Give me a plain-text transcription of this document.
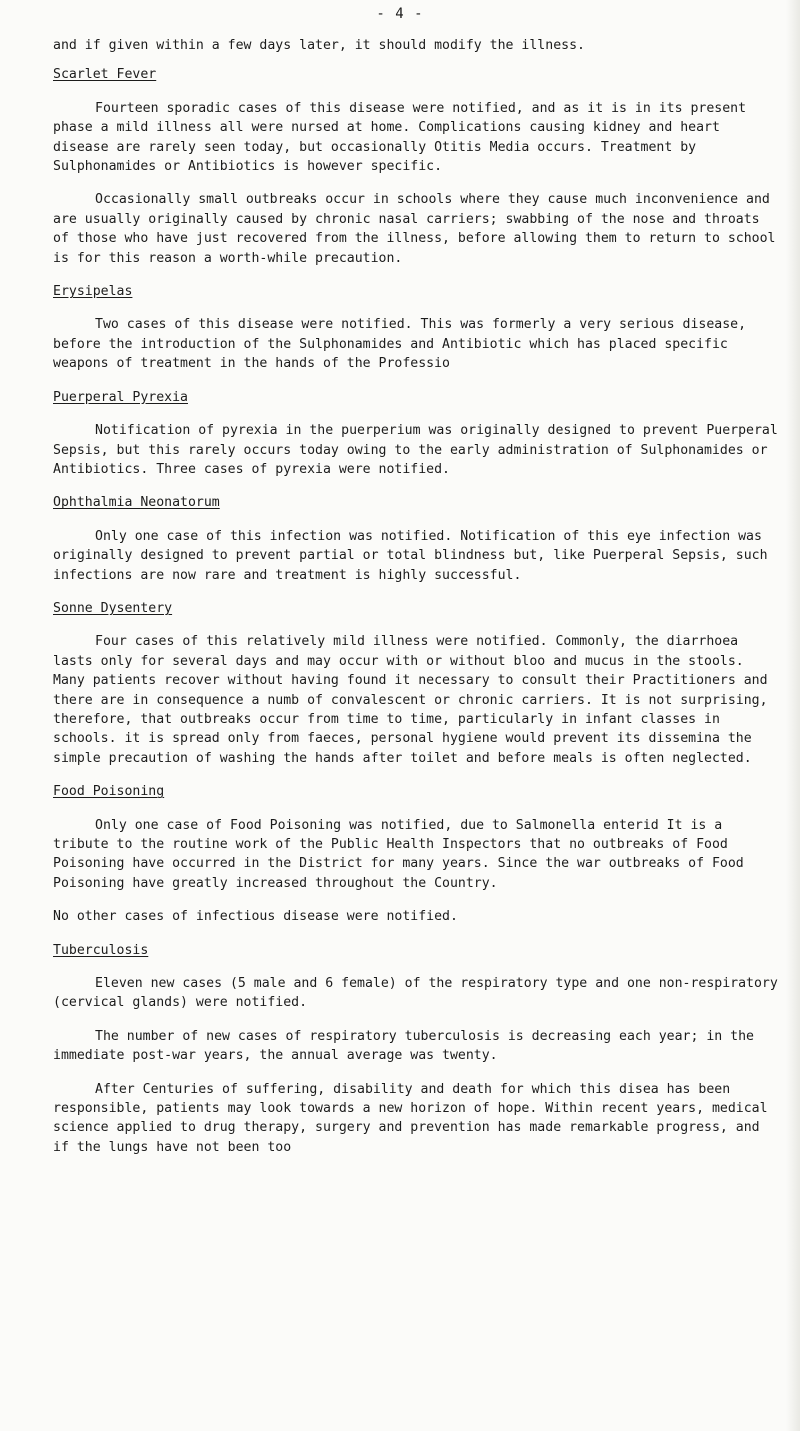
- 4 -

and if given within a few days later, it should modify the illness.

Scarlet Fever

Fourteen sporadic cases of this disease were notified, and as it is in its present phase a mild illness all were nursed at home. Complications causing kidney and heart disease are rarely seen today, but occasionally Otitis Media occurs. Treatment by Sulphonamides or Antibiotics is however specific.

Occasionally small outbreaks occur in schools where they cause much inconvenience and are usually originally caused by chronic nasal carriers; swabbing of the nose and throats of those who have just recovered from the illness, before allowing them to return to school is for this reason a worth-while precaution.

Erysipelas

Two cases of this disease were notified. This was formerly a very serious disease, before the introduction of the Sulphonamides and Antibiotic which has placed specific weapons of treatment in the hands of the Professio

Puerperal Pyrexia

Notification of pyrexia in the puerperium was originally designed to prevent Puerperal Sepsis, but this rarely occurs today owing to the early administration of Sulphonamides or Antibiotics. Three cases of pyrexia were notified.

Ophthalmia Neonatorum

Only one case of this infection was notified. Notification of this eye infection was originally designed to prevent partial or total blindness but, like Puerperal Sepsis, such infections are now rare and treatment is highly successful.

Sonne Dysentery

Four cases of this relatively mild illness were notified. Commonly, the diarrhoea lasts only for several days and may occur with or without bloo and mucus in the stools. Many patients recover without having found it necessary to consult their Practitioners and there are in consequence a numb of convalescent or chronic carriers. It is not surprising, therefore, that outbreaks occur from time to time, particularly in infant classes in schools. it is spread only from faeces, personal hygiene would prevent its dissemina the simple precaution of washing the hands after toilet and before meals is often neglected.

Food Poisoning

Only one case of Food Poisoning was notified, due to Salmonella enterid It is a tribute to the routine work of the Public Health Inspectors that no outbreaks of Food Poisoning have occurred in the District for many years. Since the war outbreaks of Food Poisoning have greatly increased throughout the Country.

No other cases of infectious disease were notified.

Tuberculosis

Eleven new cases (5 male and 6 female) of the respiratory type and one non-respiratory (cervical glands) were notified.

The number of new cases of respiratory tuberculosis is decreasing each year; in the immediate post-war years, the annual average was twenty.

After Centuries of suffering, disability and death for which this disea has been responsible, patients may look towards a new horizon of hope. Within recent years, medical science applied to drug therapy, surgery and prevention has made remarkable progress, and if the lungs have not been too
